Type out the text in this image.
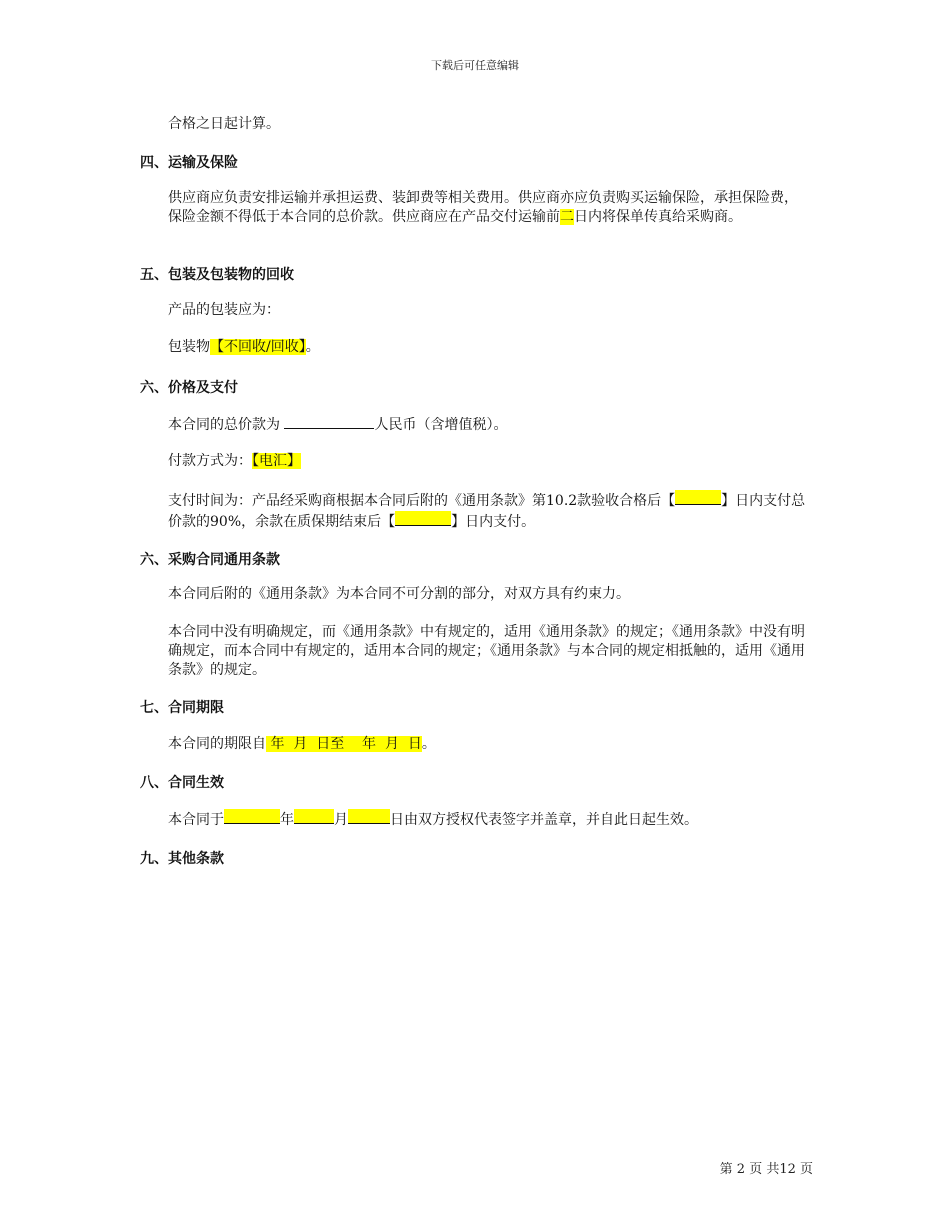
下载后可任意编辑
合格之日起计算。
四、运输及保险
供应商应负责安排运输并承担运费、装卸费等相关费用。供应商亦应负责购买运输保险，承担保险费，保险金额不得低于本合同的总价款。供应商应在产品交付运输前二日内将保单传真给采购商。
五、包装及包装物的回收
产品的包装应为：
包装物【不回收/回收】。
六、价格及支付
本合同的总价款为	人民币（含增值税）。
付款方式为：【电汇】
支付时间为：产品经采购商根据本合同后附的《通用条款》第10.2款验收合格后【	】日内支付总价款的90%，余款在质保期结束后【	】日内支付。
六、采购合同通用条款
本合同后附的《通用条款》为本合同不可分割的部分，对双方具有约束力。
本合同中没有明确规定，而《通用条款》中有规定的，适用《通用条款》的规定；《通用条款》中没有明确规定，而本合同中有规定的，适用本合同的规定；《通用条款》与本合同的规定相抵触的，适用《通用条款》的规定。
七、合同期限
本合同的期限自 年  月  日至    年  月  日。
八、合同生效
本合同于	年	月	日由双方授权代表签字并盖章，并自此日起生效。
九、其他条款
第 2 页 共12 页
